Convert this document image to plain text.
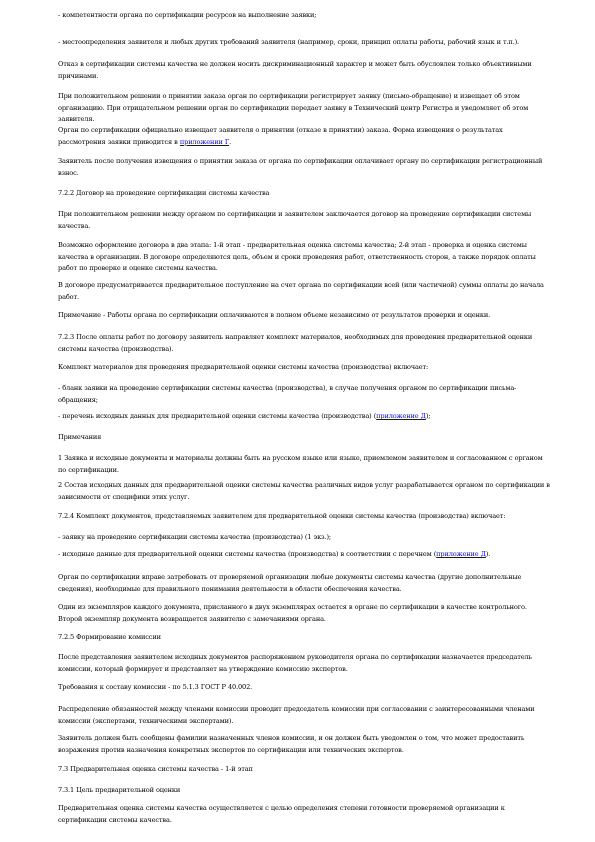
- компетентности органа по сертификации ресурсов на выполнение заявки;
- местоопределения заявителя и любых других требований заявителя (например, сроки, принцип оплаты работы, рабочий язык и т.п.).
Отказ в сертификации системы качества не должен носить дискриминационный характер и может быть обусловлен только объективными причинами.
При положительном решении о принятии заказа орган по сертификации регистрирует заявку (письмо-обращение) и извещает об этом организацию. При отрицательном решении орган по сертификации передает заявку в Технический центр Регистра и уведомляет об этом заявителя.
Орган по сертификации официально извещает заявителя о принятии (отказе в принятии) заказа. Форма извещения о результатах рассмотрения заявки приводится в приложении Г.
Заявитель после получения извещения о принятии заказа от органа по сертификации оплачивает органу по сертификации регистрационный взнос.
7.2.2 Договор на проведение сертификации системы качества
При положительном решении между органом по сертификации и заявителем заключается договор на проведение сертификации системы качества.
Возможно оформление договора в два этапа: 1-й этап - предварительная оценка системы качества; 2-й этап - проверка и оценка системы качества в организации. В договоре определяются цель, объем и сроки проведения работ, ответственность сторон, а также порядок оплаты работ по проверке и оценке системы качества.
В договоре предусматривается предварительное поступление на счет органа по сертификации всей (или частичной) суммы оплаты до начала работ.
Примечание - Работы органа по сертификации оплачиваются в полном объеме независимо от результатов проверки и оценки.
7.2.3 После оплаты работ по договору заявитель направляет комплект материалов, необходимых для проведения предварительной оценки системы качества (производства).
Комплект материалов для проведения предварительной оценки системы качества (производства) включает:
- бланк заявки на проведение сертификации системы качества (производства), в случае получения органом по сертификации письма-обращения;
- перечень исходных данных для предварительной оценки системы качества (производства) (приложение Д);
Примечания
1 Заявка и исходные документы и материалы должны быть на русском языке или языке, приемлемом заявителем и согласованном с органом по сертификации.
2 Состав исходных данных для предварительной оценки системы качества различных видов услуг разрабатывается органом по сертификации в зависимости от специфики этих услуг.
7.2.4 Комплект документов, представляемых заявителем для предварительной оценки системы качества (производства) включает:
- заявку на проведение сертификации системы качества (производства) (1 экз.);
- исходные данные для предварительной оценки системы качества (производства) в соответствии с перечнем (приложение Д).
Орган по сертификации вправе затребовать от проверяемой организации любые документы системы качества (другие дополнительные сведения), необходимые для правильного понимания деятельности в области обеспечения качества.
Один из экземпляров каждого документа, присланного в двух экземплярах остается в органе по сертификации в качестве контрольного. Второй экземпляр документа возвращается заявителю с замечаниями органа.
7.2.5 Формирование комиссии
После представления заявителем исходных документов распоряжением руководителя органа по сертификации назначается председатель комиссии, который формирует и представляет на утверждение комиссию экспертов.
Требования к составу комиссии - по 5.1.3 ГОСТ Р 40.002.
Распределение обязанностей между членами комиссии проводит председатель комиссии при согласовании с заинтересованными членами комиссии (экспертами, техническими экспертами).
Заявитель должен быть сообщены фамилии назначенных членов комиссии, и он должен быть уведомлен о том, что может предоставить возражения против назначения конкретных экспертов по сертификации или технических экспертов.
7.3 Предварительная оценка системы качества - 1-й этап
7.3.1 Цель предварительной оценки
Предварительная оценка системы качества осуществляется с целью определения степени готовности проверяемой организации к сертификации системы качества.
